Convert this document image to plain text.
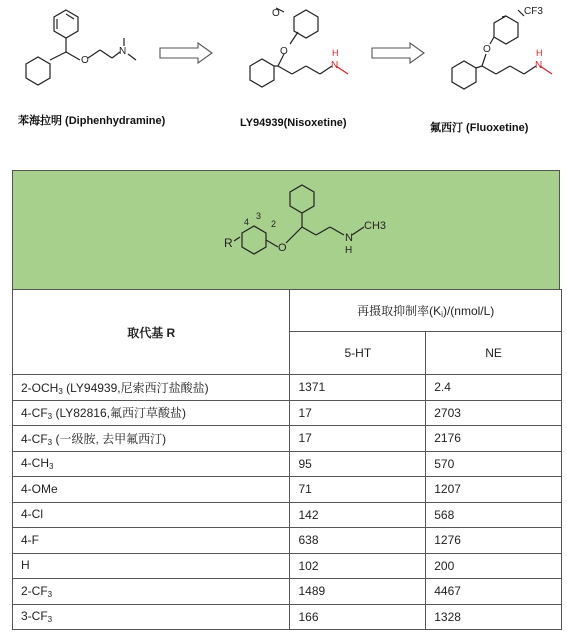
O
N
苯海拉明 (Diphenhydramine)
O
O	H
N
LY94939(Nisoxetine)
CF3
O	H
N
氟西汀 (Fluoxetine)
4
3
2
R	O
N
H
CH3
取代基 R	再摄取抑制率$(K_i)/(nmol/L)$	
	5-HT	NE
$2-OCH_3$ (LY94939,尼索西汀盐酸盐)	1371	2.4
$4-CF_3$ (LY82816,氟西汀草酸盐)	17	2703
$4-CF_3$ (一级胺, 去甲氟西汀)	17	2176
$4-CH_3$	95	570
4-OMe	71	1207
4-Cl	142	568
4-F	638	1276
H	102	200
$2-CF_3$	1489	4467
$3-CF_3$	166	1328
